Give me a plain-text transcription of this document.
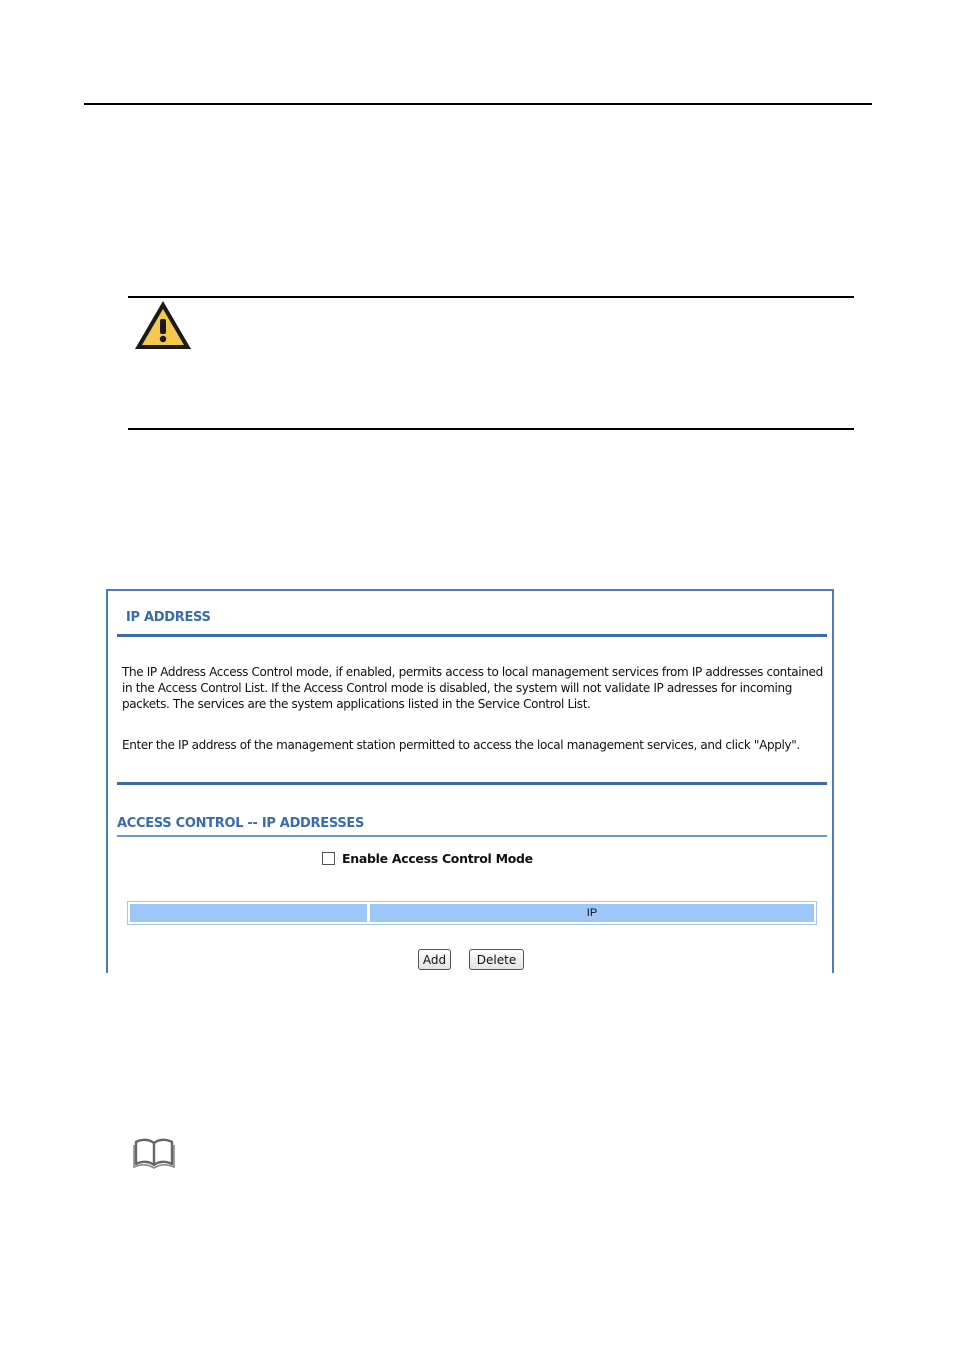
IP ADDRESS

The IP Address Access Control mode, if enabled, permits access to local management services from IP addresses contained in the Access Control List. If the Access Control mode is disabled, the system will not validate IP adresses for incoming packets. The services are the system applications listed in the Service Control List.

Enter the IP address of the management station permitted to access the local management services, and click "Apply".

ACCESS CONTROL -- IP ADDRESSES
Enable Access Control Mode
IP
Add	Delete
